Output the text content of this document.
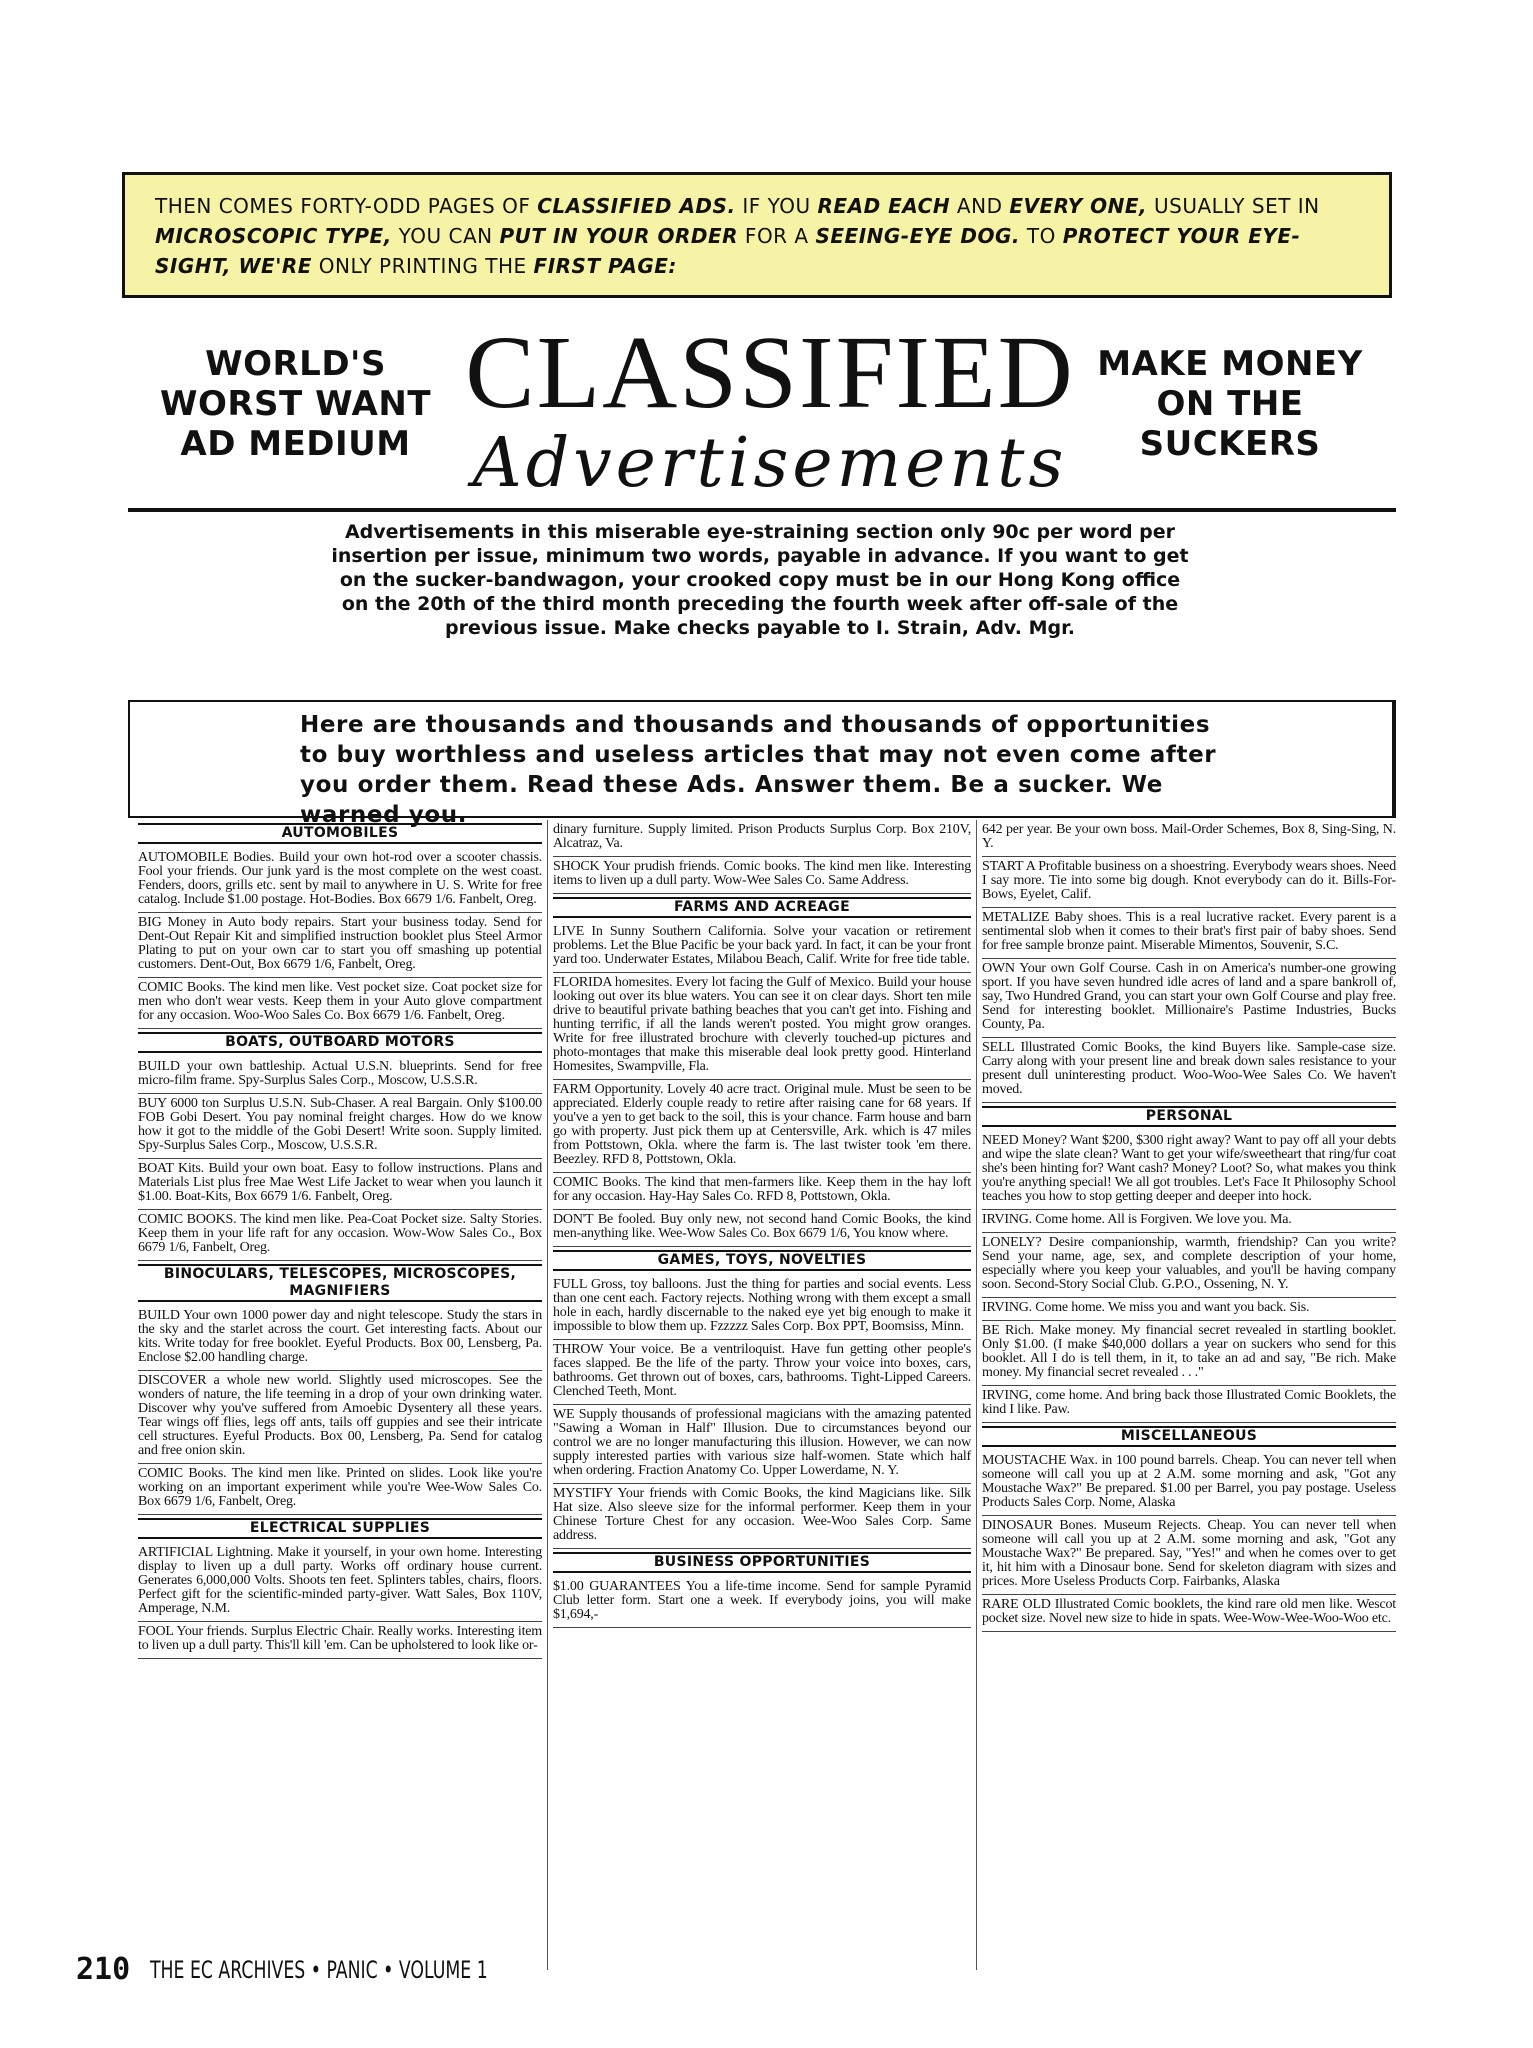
THEN COMES FORTY-ODD PAGES OF CLASSIFIED ADS. IF YOU READ EACH AND EVERY ONE, USUALLY SET IN MICROSCOPIC TYPE, YOU CAN PUT IN YOUR ORDER FOR A SEEING-EYE DOG. TO PROTECT YOUR EYE-SIGHT, WE'RE ONLY PRINTING THE FIRST PAGE:
WORLD'S WORST WANT AD MEDIUM
CLASSIFIED
Advertisements
MAKE MONEY ON THE SUCKERS
Advertisements in this miserable eye-straining section only 90c per word per insertion per issue, minimum two words, payable in advance. If you want to get on the sucker-bandwagon, your crooked copy must be in our Hong Kong office on the 20th of the third month preceding the fourth week after off-sale of the previous issue. Make checks payable to I. Strain, Adv. Mgr.
Here are thousands and thousands and thousands of opportunities to buy worthless and useless articles that may not even come after you order them. Read these Ads. Answer them. Be a sucker. We warned you.
AUTOMOBILES
AUTOMOBILE Bodies. Build your own hot-rod over a scooter chassis. Fool your friends. Our junk yard is the most complete on the west coast. Fenders, doors, grills etc. sent by mail to anywhere in U. S. Write for free catalog. Include $1.00 postage. Hot-Bodies. Box 6679 1/6. Fanbelt, Oreg.
BIG Money in Auto body repairs. Start your business today. Send for Dent-Out Repair Kit and simplified instruction booklet plus Steel Armor Plating to put on your own car to start you off smashing up potential customers. Dent-Out, Box 6679 1/6, Fanbelt, Oreg.
COMIC Books. The kind men like. Vest pocket size. Coat pocket size for men who don't wear vests. Keep them in your Auto glove compartment for any occasion. Woo-Woo Sales Co. Box 6679 1/6. Fanbelt, Oreg.
BOATS, OUTBOARD MOTORS
BUILD your own battleship. Actual U.S.N. blueprints. Send for free micro-film frame. Spy-Surplus Sales Corp., Moscow, U.S.S.R.
BUY 6000 ton Surplus U.S.N. Sub-Chaser. A real Bargain. Only $100.00 FOB Gobi Desert. You pay nominal freight charges. How do we know how it got to the middle of the Gobi Desert! Write soon. Supply limited. Spy-Surplus Sales Corp., Moscow, U.S.S.R.
BOAT Kits. Build your own boat. Easy to follow instructions. Plans and Materials List plus free Mae West Life Jacket to wear when you launch it $1.00. Boat-Kits, Box 6679 1/6. Fanbelt, Oreg.
COMIC BOOKS. The kind men like. Pea-Coat Pocket size. Salty Stories. Keep them in your life raft for any occasion. Wow-Wow Sales Co., Box 6679 1/6, Fanbelt, Oreg.
BINOCULARS, TELESCOPES, MICROSCOPES, MAGNIFIERS
BUILD Your own 1000 power day and night telescope. Study the stars in the sky and the starlet across the court. Get interesting facts. About our kits. Write today for free booklet. Eyeful Products. Box 00, Lensberg, Pa. Enclose $2.00 handling charge.
DISCOVER a whole new world. Slightly used microscopes. See the wonders of nature, the life teeming in a drop of your own drinking water. Discover why you've suffered from Amoebic Dysentery all these years. Tear wings off flies, legs off ants, tails off guppies and see their intricate cell structures. Eyeful Products. Box 00, Lensberg, Pa. Send for catalog and free onion skin.
COMIC Books. The kind men like. Printed on slides. Look like you're working on an important experiment while you're Wee-Wow Sales Co. Box 6679 1/6, Fanbelt, Oreg.
ELECTRICAL SUPPLIES
ARTIFICIAL Lightning. Make it yourself, in your own home. Interesting display to liven up a dull party. Works off ordinary house current. Generates 6,000,000 Volts. Shoots ten feet. Splinters tables, chairs, floors. Perfect gift for the scientific-minded party-giver. Watt Sales, Box 110V, Amperage, N.M.
FOOL Your friends. Surplus Electric Chair. Really works. Interesting item to liven up a dull party. This'll kill 'em. Can be upholstered to look like or-
dinary furniture. Supply limited. Prison Products Surplus Corp. Box 210V, Alcatraz, Va.
SHOCK Your prudish friends. Comic books. The kind men like. Interesting items to liven up a dull party. Wow-Wee Sales Co. Same Address.
FARMS AND ACREAGE
LIVE In Sunny Southern California. Solve your vacation or retirement problems. Let the Blue Pacific be your back yard. In fact, it can be your front yard too. Underwater Estates, Milabou Beach, Calif. Write for free tide table.
FLORIDA homesites. Every lot facing the Gulf of Mexico. Build your house looking out over its blue waters. You can see it on clear days. Short ten mile drive to beautiful private bathing beaches that you can't get into. Fishing and hunting terrific, if all the lands weren't posted. You might grow oranges. Write for free illustrated brochure with cleverly touched-up pictures and photo-montages that make this miserable deal look pretty good. Hinterland Homesites, Swampville, Fla.
FARM Opportunity. Lovely 40 acre tract. Original mule. Must be seen to be appreciated. Elderly couple ready to retire after raising cane for 68 years. If you've a yen to get back to the soil, this is your chance. Farm house and barn go with property. Just pick them up at Centersville, Ark. which is 47 miles from Pottstown, Okla. where the farm is. The last twister took 'em there. Beezley. RFD 8, Pottstown, Okla.
COMIC Books. The kind that men-farmers like. Keep them in the hay loft for any occasion. Hay-Hay Sales Co. RFD 8, Pottstown, Okla.
DON'T Be fooled. Buy only new, not second hand Comic Books, the kind men-anything like. Wee-Wow Sales Co. Box 6679 1/6, You know where.
GAMES, TOYS, NOVELTIES
FULL Gross, toy balloons. Just the thing for parties and social events. Less than one cent each. Factory rejects. Nothing wrong with them except a small hole in each, hardly discernable to the naked eye yet big enough to make it impossible to blow them up. Fzzzzz Sales Corp. Box PPT, Boomsiss, Minn.
THROW Your voice. Be a ventriloquist. Have fun getting other people's faces slapped. Be the life of the party. Throw your voice into boxes, cars, bathrooms. Get thrown out of boxes, cars, bathrooms. Tight-Lipped Careers. Clenched Teeth, Mont.
WE Supply thousands of professional magicians with the amazing patented "Sawing a Woman in Half" Illusion. Due to circumstances beyond our control we are no longer manufacturing this illusion. However, we can now supply interested parties with various size half-women. State which half when ordering. Fraction Anatomy Co. Upper Lowerdame, N. Y.
MYSTIFY Your friends with Comic Books, the kind Magicians like. Silk Hat size. Also sleeve size for the informal performer. Keep them in your Chinese Torture Chest for any occasion. Wee-Woo Sales Corp. Same address.
BUSINESS OPPORTUNITIES
$1.00 GUARANTEES You a life-time income. Send for sample Pyramid Club letter form. Start one a week. If everybody joins, you will make $1,694,-
642 per year. Be your own boss. Mail-Order Schemes, Box 8, Sing-Sing, N. Y.
START A Profitable business on a shoestring. Everybody wears shoes. Need I say more. Tie into some big dough. Knot everybody can do it. Bills-For-Bows, Eyelet, Calif.
METALIZE Baby shoes. This is a real lucrative racket. Every parent is a sentimental slob when it comes to their brat's first pair of baby shoes. Send for free sample bronze paint. Miserable Mimentos, Souvenir, S.C.
OWN Your own Golf Course. Cash in on America's number-one growing sport. If you have seven hundred idle acres of land and a spare bankroll of, say, Two Hundred Grand, you can start your own Golf Course and play free. Send for interesting booklet. Millionaire's Pastime Industries, Bucks County, Pa.
SELL Illustrated Comic Books, the kind Buyers like. Sample-case size. Carry along with your present line and break down sales resistance to your present dull uninteresting product. Woo-Woo-Wee Sales Co. We haven't moved.
PERSONAL
NEED Money? Want $200, $300 right away? Want to pay off all your debts and wipe the slate clean? Want to get your wife/sweetheart that ring/fur coat she's been hinting for? Want cash? Money? Loot? So, what makes you think you're anything special! We all got troubles. Let's Face It Philosophy School teaches you how to stop getting deeper and deeper into hock.
IRVING. Come home. All is Forgiven. We love you. Ma.
LONELY? Desire companionship, warmth, friendship? Can you write? Send your name, age, sex, and complete description of your home, especially where you keep your valuables, and you'll be having company soon. Second-Story Social Club. G.P.O., Ossening, N. Y.
IRVING. Come home. We miss you and want you back. Sis.
BE Rich. Make money. My financial secret revealed in startling booklet. Only $1.00. (I make $40,000 dollars a year on suckers who send for this booklet. All I do is tell them, in it, to take an ad and say, "Be rich. Make money. My financial secret revealed . . ."
IRVING, come home. And bring back those Illustrated Comic Booklets, the kind I like. Paw.
MISCELLANEOUS
MOUSTACHE Wax. in 100 pound barrels. Cheap. You can never tell when someone will call you up at 2 A.M. some morning and ask, "Got any Moustache Wax?" Be prepared. $1.00 per Barrel, you pay postage. Useless Products Sales Corp. Nome, Alaska
DINOSAUR Bones. Museum Rejects. Cheap. You can never tell when someone will call you up at 2 A.M. some morning and ask, "Got any Moustache Wax?" Be prepared. Say, "Yes!" and when he comes over to get it, hit him with a Dinosaur bone. Send for skeleton diagram with sizes and prices. More Useless Products Corp. Fairbanks, Alaska
RARE OLD Illustrated Comic booklets, the kind rare old men like. Wescot pocket size. Novel new size to hide in spats. Wee-Wow-Wee-Woo-Woo etc.
210 THE EC ARCHIVES • PANIC • VOLUME 1
